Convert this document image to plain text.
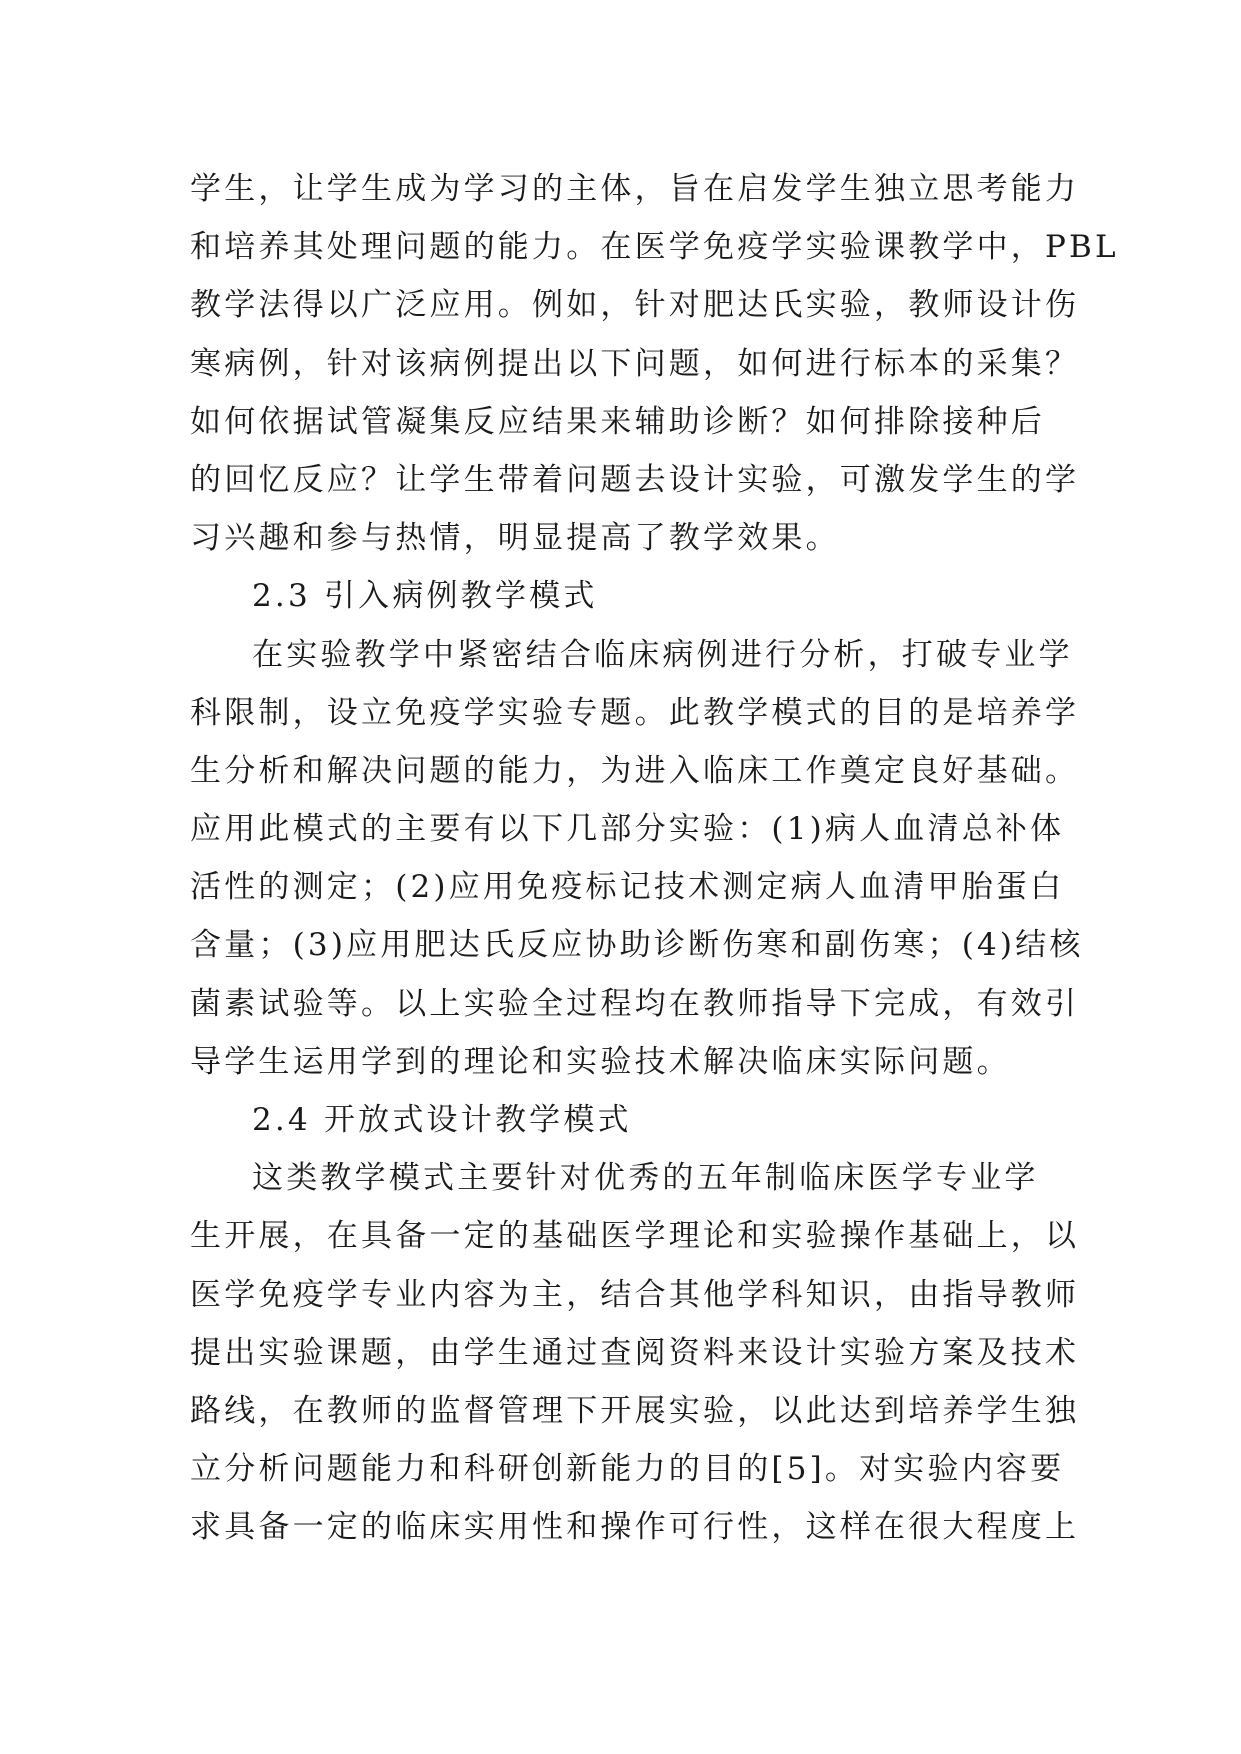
学生，让学生成为学习的主体，旨在启发学生独立思考能力
和培养其处理问题的能力。在医学免疫学实验课教学中，PBL
教学法得以广泛应用。例如，针对肥达氏实验，教师设计伤
寒病例，针对该病例提出以下问题，如何进行标本的采集？
如何依据试管凝集反应结果来辅助诊断？如何排除接种后
的回忆反应？让学生带着问题去设计实验，可激发学生的学
习兴趣和参与热情，明显提高了教学效果。
2.3 引入病例教学模式
在实验教学中紧密结合临床病例进行分析，打破专业学
科限制，设立免疫学实验专题。此教学模式的目的是培养学
生分析和解决问题的能力，为进入临床工作奠定良好基础。
应用此模式的主要有以下几部分实验：(1)病人血清总补体
活性的测定；(2)应用免疫标记技术测定病人血清甲胎蛋白
含量；(3)应用肥达氏反应协助诊断伤寒和副伤寒；(4)结核
菌素试验等。以上实验全过程均在教师指导下完成，有效引
导学生运用学到的理论和实验技术解决临床实际问题。
2.4 开放式设计教学模式
这类教学模式主要针对优秀的五年制临床医学专业学
生开展，在具备一定的基础医学理论和实验操作基础上，以
医学免疫学专业内容为主，结合其他学科知识，由指导教师
提出实验课题，由学生通过查阅资料来设计实验方案及技术
路线，在教师的监督管理下开展实验，以此达到培养学生独
立分析问题能力和科研创新能力的目的[5]。对实验内容要
求具备一定的临床实用性和操作可行性，这样在很大程度上
